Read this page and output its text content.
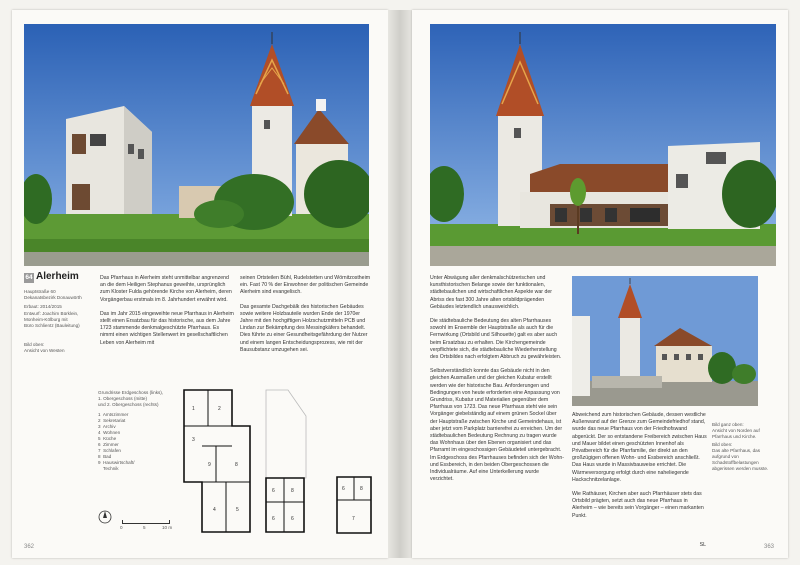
64 Alerheim
Hauptstraße 60
Dekanatsbezirk Donauwörth
Erbaut: 2014/2015
Entwurf: Joachim Bürklein,
Monheim-Kölburg mit
Büro Schlientz (Bauleitung)
Bild oben:
Ansicht von Westen

Das Pfarrhaus in Alerheim steht unmittelbar angrenzend an die dem Heiligen Stephanus geweihte, ursprünglich zum Kloster Fulda gehörende Kirche von Alerheim, deren Vorgängerbau erstmals im 8. Jahrhundert erwähnt wird.

Das im Jahr 2015 eingeweihte neue Pfarrhaus in Alerheim stellt einen Ersatzbau für das historische, aus dem Jahre 1723 stammende denkmalgeschützte Pfarrhaus. Es nimmt einen wichtigen Stellenwert im gesellschaftlichen Leben von Alerheim mit

seinen Ortsteilen Bühl, Rudelstetten und Wörnitzostheim ein. Fast 70 % der Einwohner der politischen Gemeinde Alerheim sind evangelisch.

Das gesamte Dachgebälk des historischen Gebäudes sowie weitere Holzbauteile wurden Ende der 1970er Jahre mit den hochgiftigen Holzschutzmitteln PCB und Lindan zur Bekämpfung des Messingkäfers behandelt. Dies führte zu einer Gesundheitsgefährdung der Nutzer und einem langen Entscheidungsprozess, wie mit der Bausubstanz umzugehen sei.

Grundrisse Erdgeschoss (links),
1. Obergeschoss (mitte)
und 2. Obergeschoss (rechts)
1  Amtszimmer
2  Sekretariat
3  Archiv
4  Wohnen
5  Küche
6  Zimmer
7  Schlafen
8  Bad
9  Hauswirtschaft/
Technik
0	5	10 m
1	2
3
9	8
4	5
6	8
6	6
6	8
7
362

Unter Abwägung aller denkmalschützerischen und kunsthistorischen Belange sowie der funktionalen, städtebaulichen und wirtschaftlichen Aspekte war der Abriss des fast 300 Jahre alten ortsbildprägenden Gebäudes letztendlich unausweichlich.

Die städtebauliche Bedeutung des alten Pfarrhauses sowohl im Ensemble der Hauptstraße als auch für die Fernwirkung (Ortsbild und Silhouette) galt es aber auch beim Ersatzbau zu erhalten. Die Kirchengemeinde verpflichtete sich, die städtebauliche Wiederherstellung des Ortsbildes nach erfolgtem Abbruch zu gewährleisten.

Selbstverständlich konnte das Gebäude nicht in den gleichen Ausmaßen und der gleichen Kubatur erstellt werden wie der historische Bau. Anforderungen und Bedingungen von heute erforderten eine Anpassung von Grundriss, Kubatur und Materialien gegenüber dem Pfarrhaus von 1723. Das neue Pfarrhaus steht wie sein Vorgänger giebelständig auf einem grünen Sockel über der Hauptstraße zwischen Kirche und Gemeindehaus, ist aber jetzt vom Parkplatz barrierefrei zu erreichen. Um der städtebaulichen Bedeutung Rechnung zu tragen wurde das Wohnhaus über den Ebenen organisiert und das Pfarramt im eingeschossigen Gebäudeteil untergebracht. Im Erdgeschoss des Pfarrhauses befinden sich der Wohn- und Essbereich, in den beiden Obergeschossen die Individualräume. Auf eine Unterkellerung wurde verzichtet.

Abweichend zum historischen Gebäude, dessen westliche Außenwand auf der Grenze zum Gemeindefriedhof stand, wurde das neue Pfarrhaus von der Friedhofswand abgerückt. Der so entstandene Freibereich zwischen Haus und Mauer bildet einen geschützten Innenhof als Privatbereich für die Pfarrfamilie, der direkt an den großzügigen offenen Wohn- und Essbereich anschließt. Das Haus wurde in Massivbauweise errichtet. Die Wärmeversorgung erfolgt durch eine naheliegende Hackschnitzelanlage.

Wie Rathäuser, Kirchen aber auch Pfarrhäuser stets das Ortsbild prägten, setzt auch das neue Pfarrhaus in Alerheim – wie bereits sein Vorgänger – einen markanten Punkt.

SL
Bild ganz oben:
Ansicht von Norden auf Pfarrhaus und Kirche.
Bild oben:
Das alte Pfarrhaus, das aufgrund von Schadstoffbelastungen abgerissen werden musste.
363
